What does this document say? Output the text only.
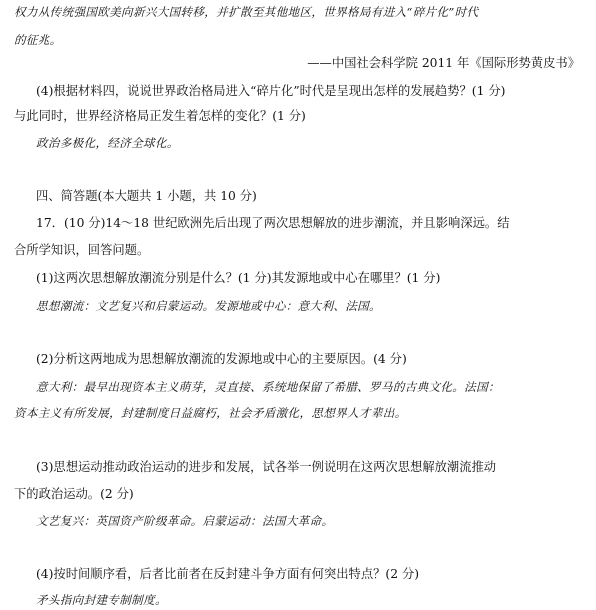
权力从传统强国欧美向新兴大国转移，并扩散至其他地区，世界格局有进入“碎片化”时代
的征兆。
——中国社会科学院 2011 年《国际形势黄皮书》
(4)根据材料四，说说世界政治格局进入“碎片化”时代是呈现出怎样的发展趋势？(1 分)
与此同时，世界经济格局正发生着怎样的变化？(1 分)
政治多极化，经济全球化。
四、简答题(本大题共 1 小题，共 10 分)
17．(10 分)14～18 世纪欧洲先后出现了两次思想解放的进步潮流，并且影响深远。结
合所学知识，回答问题。
(1)这两次思想解放潮流分别是什么？(1 分)其发源地或中心在哪里？(1 分)
思想潮流：文艺复兴和启蒙运动。发源地或中心：意大利、法国。
(2)分析这两地成为思想解放潮流的发源地或中心的主要原因。(4 分)
意大利：最早出现资本主义萌芽，灵直接、系统地保留了希腊、罗马的古典文化。法国：
资本主义有所发展，封建制度日益腐朽，社会矛盾激化，思想界人才辈出。
(3)思想运动推动政治运动的进步和发展，试各举一例说明在这两次思想解放潮流推动
下的政治运动。(2 分)
文艺复兴：英国资产阶级革命。启蒙运动：法国大革命。
(4)按时间顺序看，后者比前者在反封建斗争方面有何突出特点？(2 分)
矛头指向封建专制制度。
